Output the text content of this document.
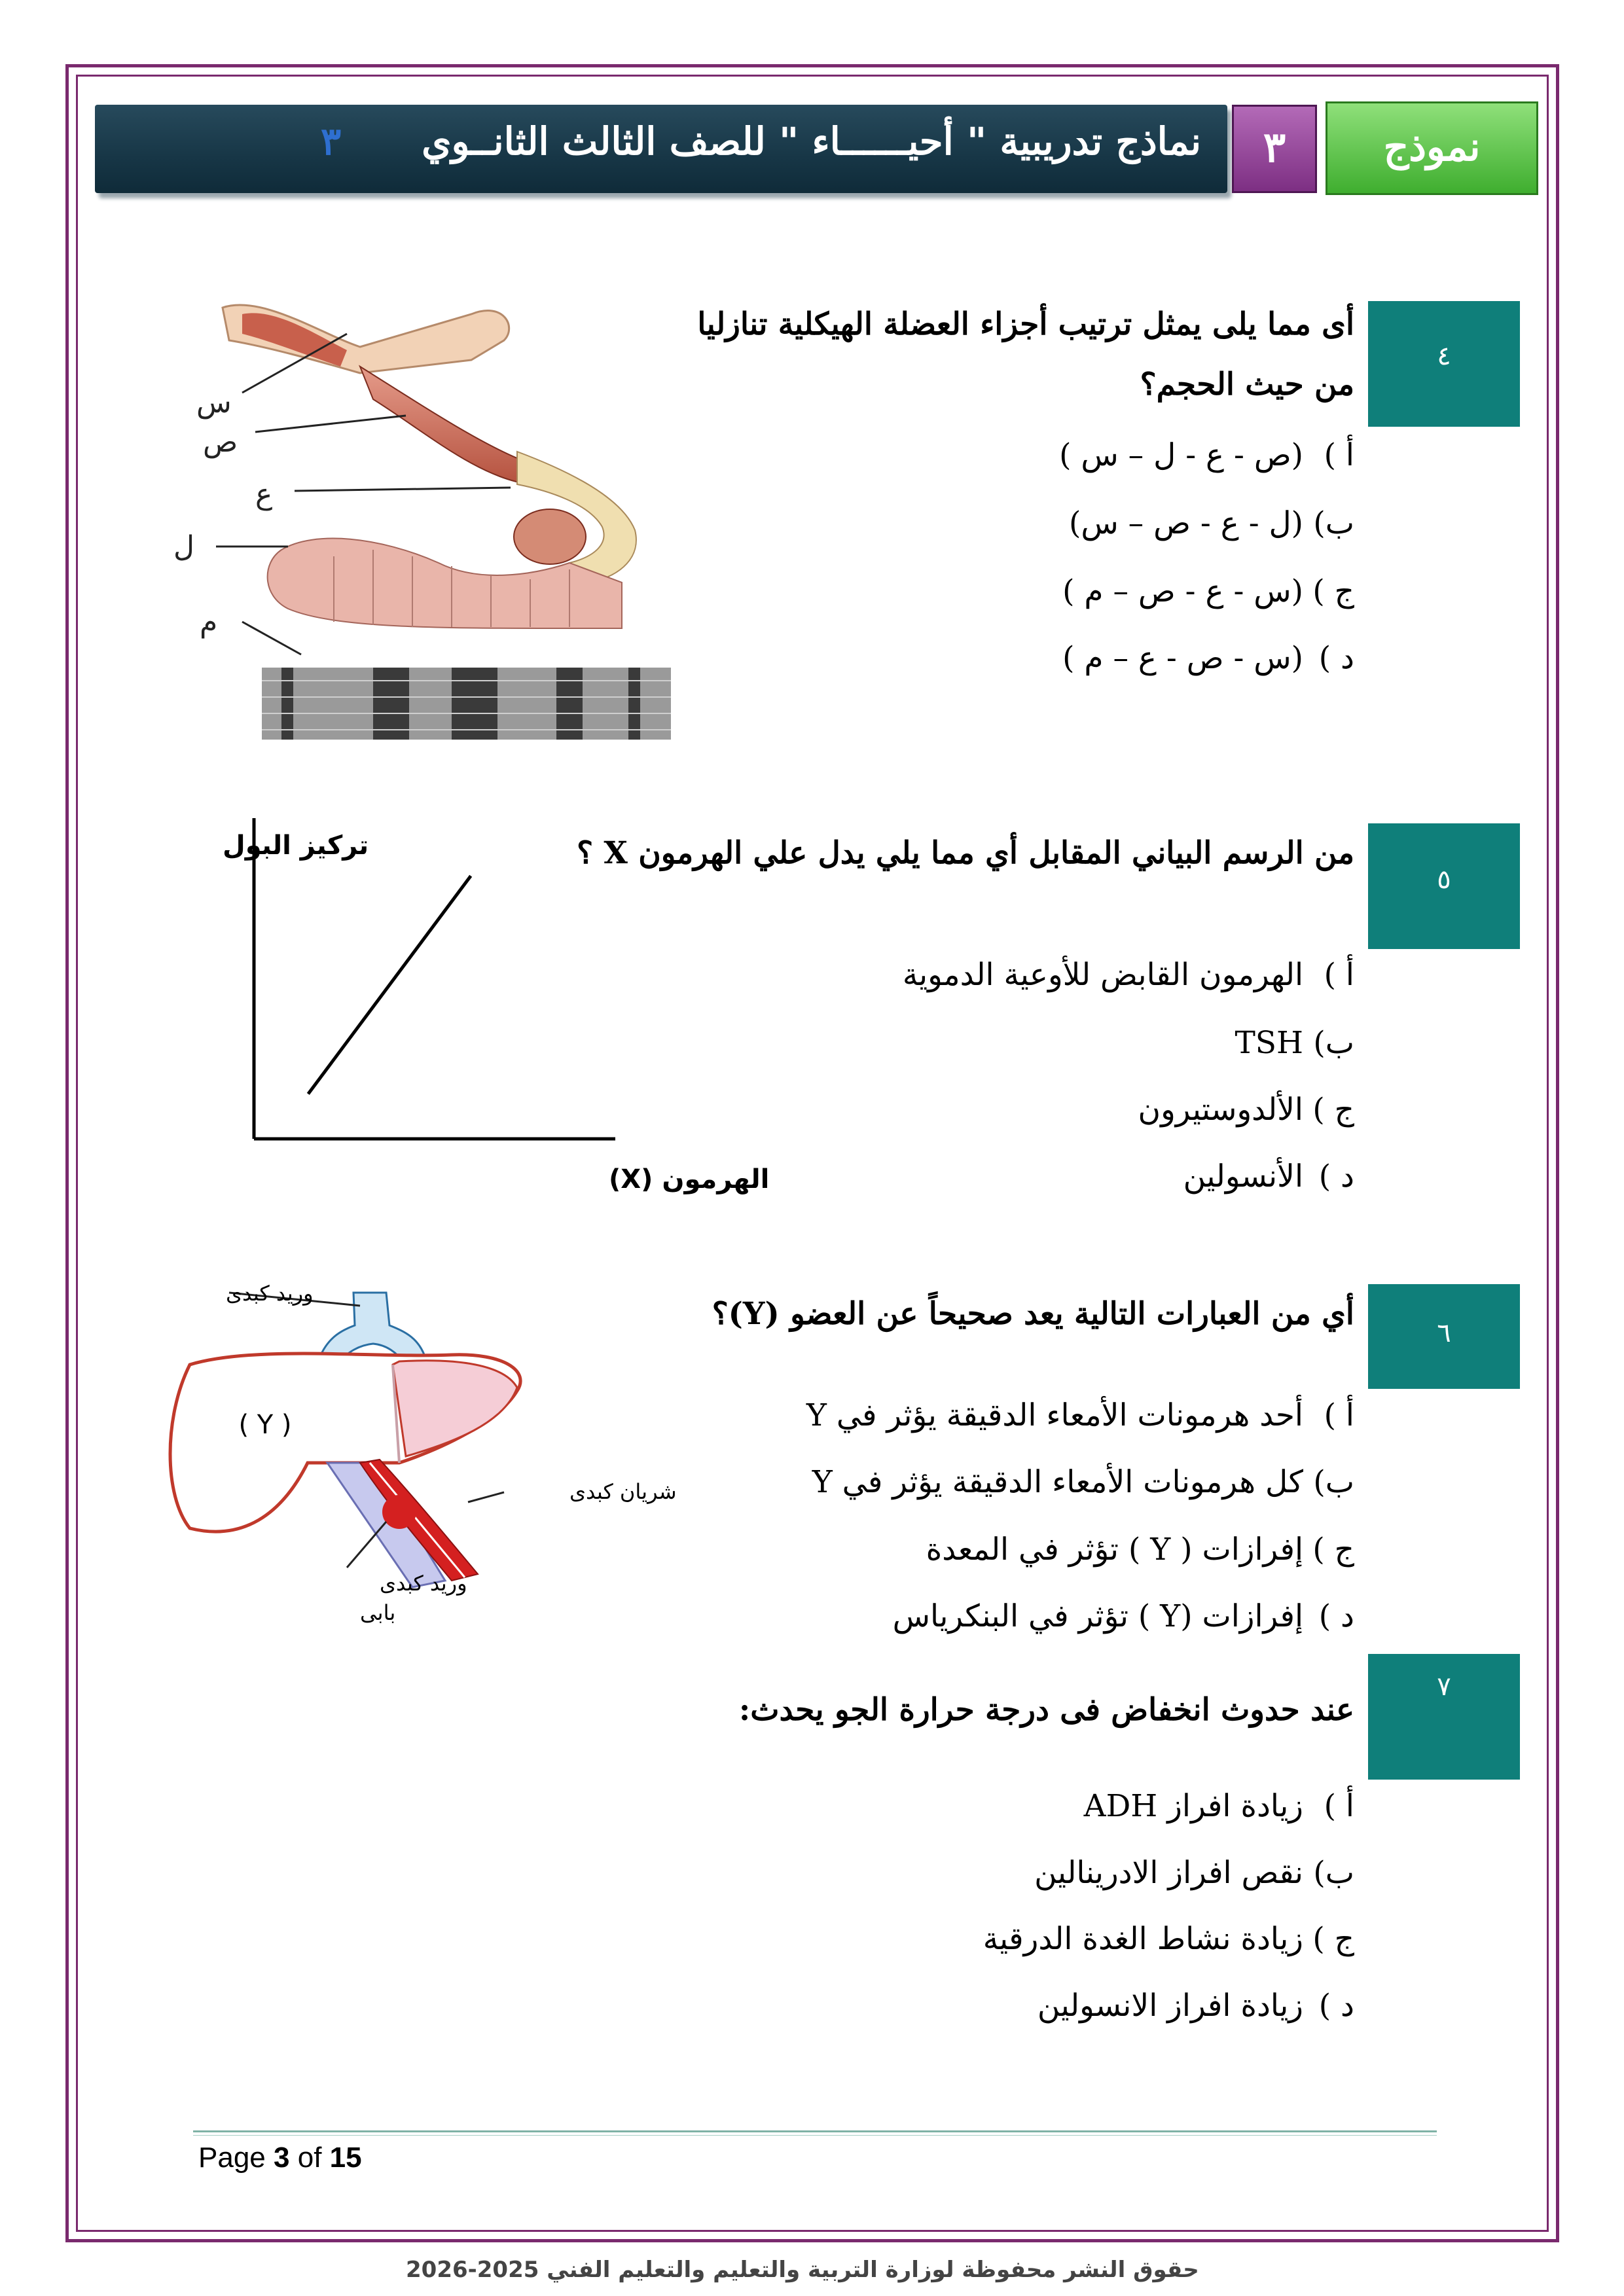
نماذج تدريبية " أحيــــــاء " للصف الثالث الثانــوي
٣	٣	نموذج
٤
أى مما يلى يمثل ترتيب أجزاء العضلة الهيكلية تنازليا
من حيث الحجم؟
أ )(ص - ع - ل – س )
ب)(ل - ع - ص – س)
ج )(س - ع - ص – م )
د )(س - ص - ع – م )
س
ص
ع
ل
م
٥
من الرسم البياني المقابل أي مما يلي يدل علي الهرمون X ؟
أ )الهرمون القابض للأوعية الدموية
ب)TSH
ج )الألدوستيرون
د )الأنسولين
تركيز البول
الهرمون (X)
٦
أي من العبارات التالية يعد صحيحاً عن العضو (Y)؟
أ )أحد هرمونات الأمعاء الدقيقة يؤثر في Y
ب)كل هرمونات الأمعاء الدقيقة يؤثر في Y
ج )إفرازات ( Y ) تؤثر في المعدة
د )إفرازات (Y ) تؤثر في البنكرياس
وريد كبدى
( Y )
شريان كبدى
وريد كبدى
بابى
٧
عند حدوث انخفاض فى درجة حرارة الجو يحدث:
أ )زيادة افراز ADH
ب)نقص افراز الادرينالين
ج )زيادة نشاط الغدة الدرقية
د )زيادة افراز الانسولين
Page 3 of 15
حقوق النشر محفوظة لوزارة التربية والتعليم والتعليم الفني 2025-2026
